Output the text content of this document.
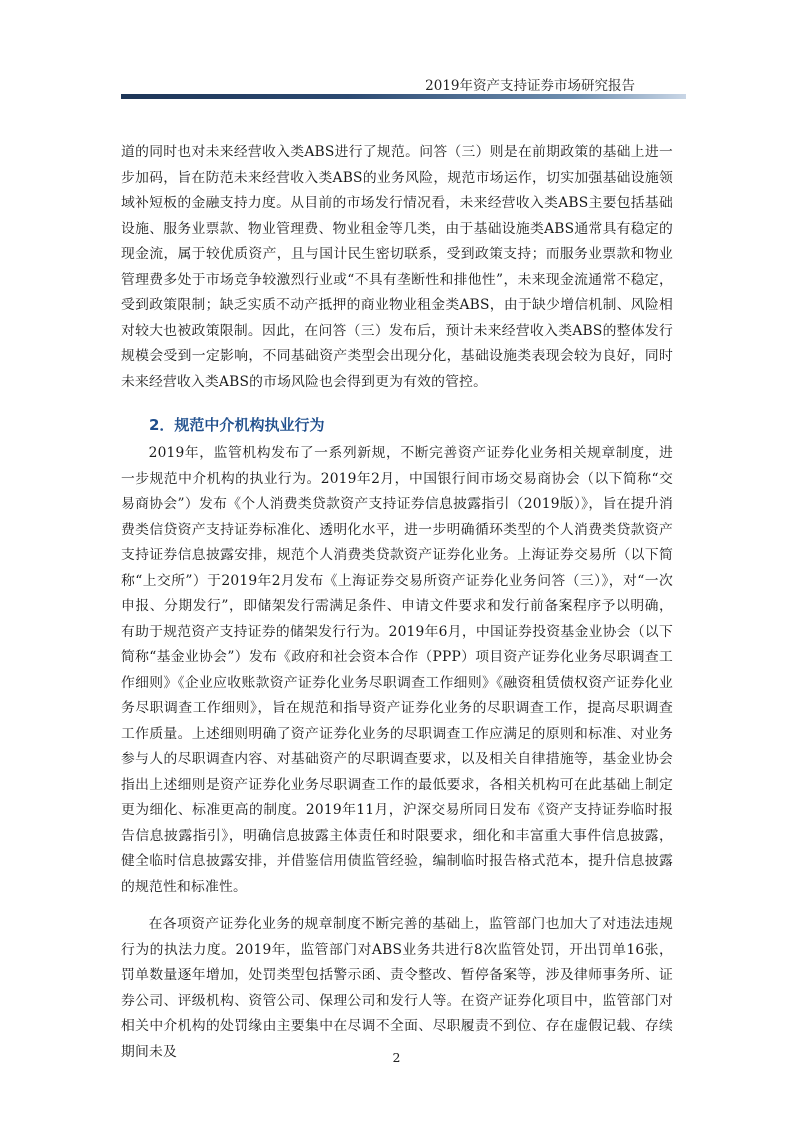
2019年资产支持证券市场研究报告

道的同时也对未来经营收入类ABS进行了规范。问答（三）则是在前期政策的基础上进一步加码，旨在防范未来经营收入类ABS的业务风险，规范市场运作，切实加强基础设施领域补短板的金融支持力度。从目前的市场发行情况看，未来经营收入类ABS主要包括基础设施、服务业票款、物业管理费、物业租金等几类，由于基础设施类ABS通常具有稳定的现金流，属于较优质资产，且与国计民生密切联系，受到政策支持；而服务业票款和物业管理费多处于市场竞争较激烈行业或“不具有垄断性和排他性”，未来现金流通常不稳定，受到政策限制；缺乏实质不动产抵押的商业物业租金类ABS，由于缺少增信机制、风险相对较大也被政策限制。因此，在问答（三）发布后，预计未来经营收入类ABS的整体发行规模会受到一定影响，不同基础资产类型会出现分化，基础设施类表现会较为良好，同时未来经营收入类ABS的市场风险也会得到更为有效的管控。

2．规范中介机构执业行为

2019年，监管机构发布了一系列新规，不断完善资产证券化业务相关规章制度，进一步规范中介机构的执业行为。2019年2月，中国银行间市场交易商协会（以下简称“交易商协会”）发布《个人消费类贷款资产支持证券信息披露指引（2019版）》，旨在提升消费类信贷资产支持证券标准化、透明化水平，进一步明确循环类型的个人消费类贷款资产支持证券信息披露安排，规范个人消费类贷款资产证券化业务。上海证券交易所（以下简称“上交所”）于2019年2月发布《上海证券交易所资产证券化业务问答（三）》，对“一次申报、分期发行”，即储架发行需满足条件、申请文件要求和发行前备案程序予以明确，有助于规范资产支持证券的储架发行行为。2019年6月，中国证券投资基金业协会（以下简称“基金业协会”）发布《政府和社会资本合作（PPP）项目资产证券化业务尽职调查工作细则》《企业应收账款资产证券化业务尽职调查工作细则》《融资租赁债权资产证券化业务尽职调查工作细则》，旨在规范和指导资产证券化业务的尽职调查工作，提高尽职调查工作质量。上述细则明确了资产证券化业务的尽职调查工作应满足的原则和标准、对业务参与人的尽职调查内容、对基础资产的尽职调查要求，以及相关自律措施等，基金业协会指出上述细则是资产证券化业务尽职调查工作的最低要求，各相关机构可在此基础上制定更为细化、标准更高的制度。2019年11月，沪深交易所同日发布《资产支持证券临时报告信息披露指引》，明确信息披露主体责任和时限要求，细化和丰富重大事件信息披露，健全临时信息披露安排，并借鉴信用债监管经验，编制临时报告格式范本，提升信息披露的规范性和标准性。

在各项资产证券化业务的规章制度不断完善的基础上，监管部门也加大了对违法违规行为的执法力度。2019年，监管部门对ABS业务共进行8次监管处罚，开出罚单16张，罚单数量逐年增加，处罚类型包括警示函、责令整改、暂停备案等，涉及律师事务所、证券公司、评级机构、资管公司、保理公司和发行人等。在资产证券化项目中，监管部门对相关中介机构的处罚缘由主要集中在尽调不全面、尽职履责不到位、存在虚假记载、存续期间未及	2
